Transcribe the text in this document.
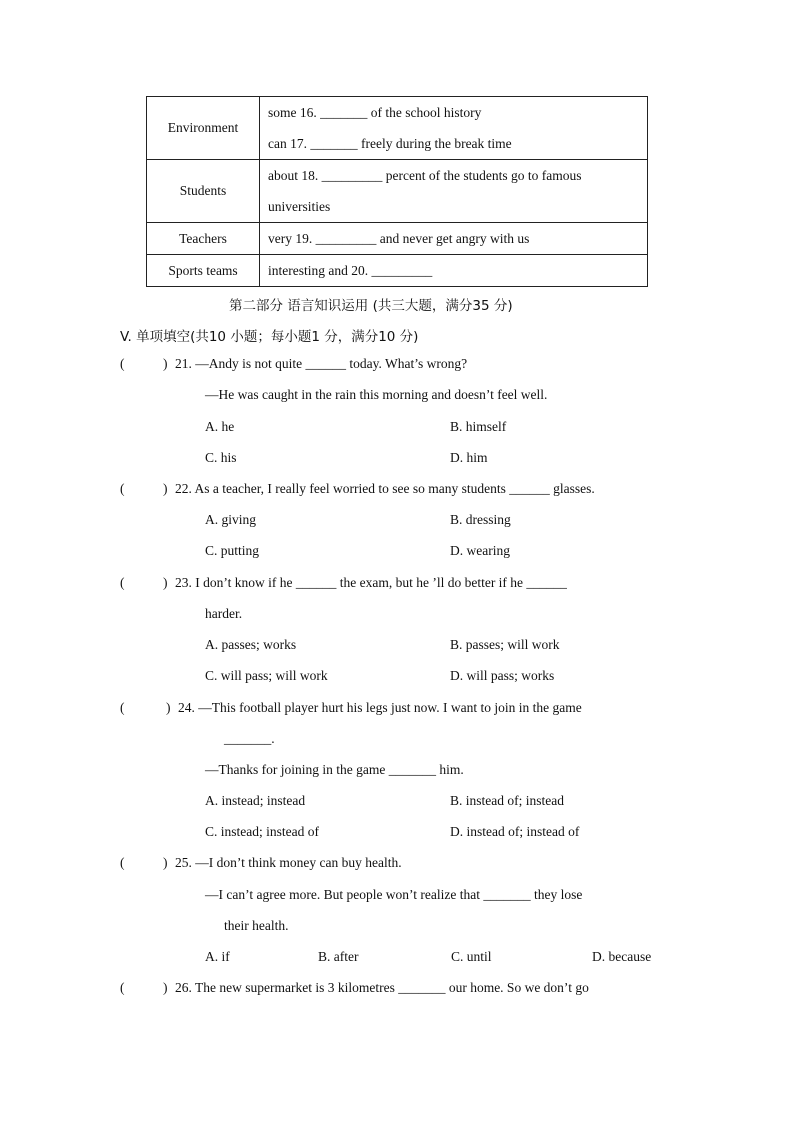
Environment	some 16. _______ of the school history
can 17. _______ freely during the break time

Students	about 18. _________ percent of the students go to famous
universities

Teachers	very 19. _________ and never get angry with us

Sports teams	interesting and 20. _________
第二部分 语言知识运用 (共三大题，满分35 分)
V. 单项填空(共10 小题；每小题1 分，满分10 分)
(	) 21. —Andy is not quite ______ today. What’s wrong?
—He was caught in the rain this morning and doesn’t feel well.
A. he	B. himself
C. his	D. him
(	) 22. As a teacher, I really feel worried to see so many students ______ glasses.
A. giving	B. dressing
C. putting	D. wearing
(	) 23. I don’t know if he ______ the exam, but he ’ll do better if he ______
harder.
A. passes; works	B. passes; will work
C. will pass; will work	D. will pass; works
(	) 24. —This football player hurt his legs just now. I want to join in the game
_______.
—Thanks for joining in the game _______ him.
A. instead; instead	B. instead of; instead
C. instead; instead of	D. instead of; instead of
(	) 25. —I don’t think money can buy health.
—I can’t agree more. But people won’t realize that _______ they lose
their health.
A. if	B. after	C. until	D. because
(	) 26. The new supermarket is 3 kilometres _______ our home. So we don’t go
